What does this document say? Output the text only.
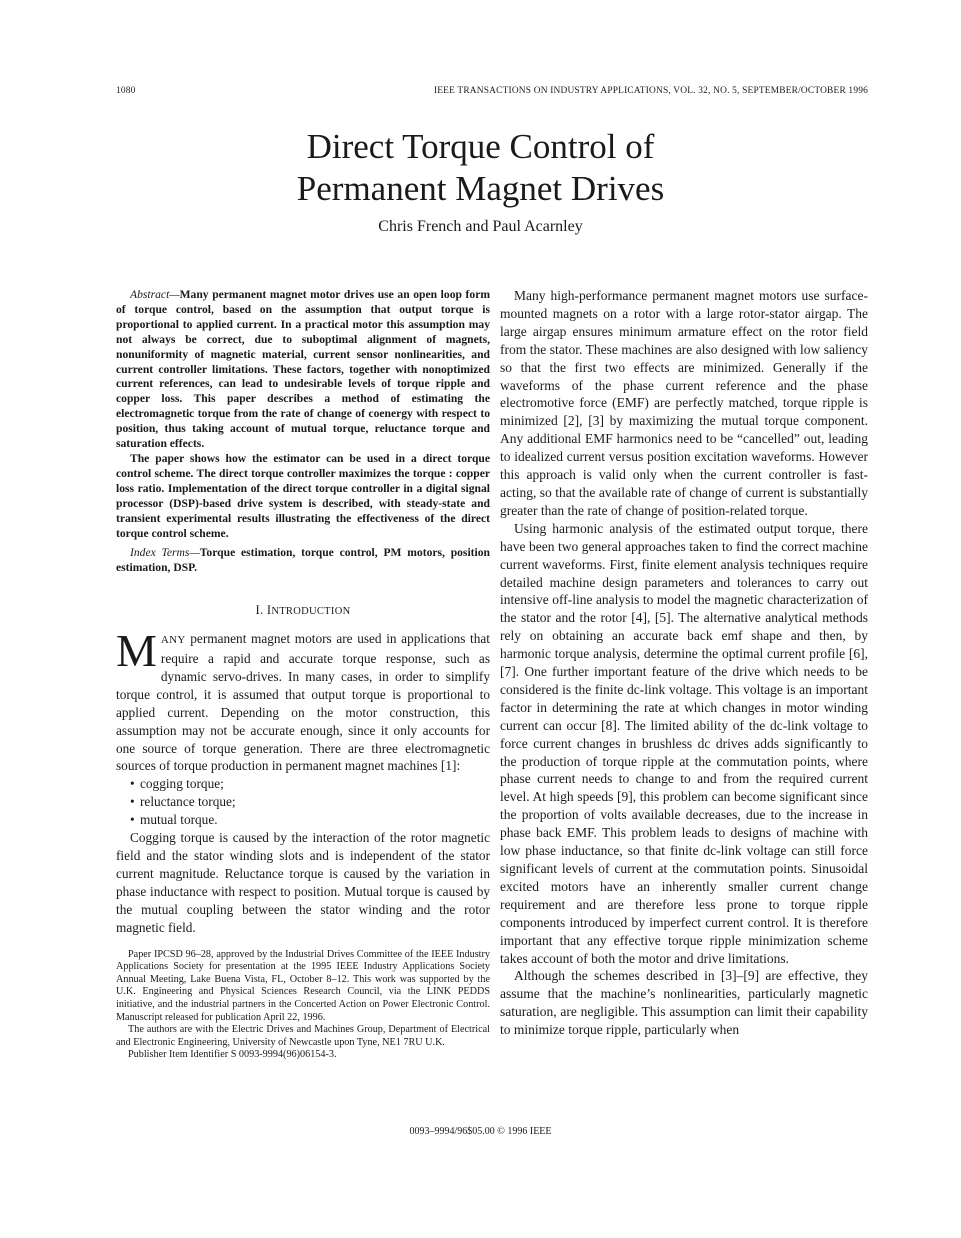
1080	IEEE TRANSACTIONS ON INDUSTRY APPLICATIONS, VOL. 32, NO. 5, SEPTEMBER/OCTOBER 1996
Direct Torque Control of
Permanent Magnet Drives
Chris French and Paul Acarnley

Abstract—Many permanent magnet motor drives use an open loop form of torque control, based on the assumption that output torque is proportional to applied current. In a practical motor this assumption may not always be correct, due to suboptimal alignment of magnets, nonuniformity of magnetic material, current sensor nonlinearities, and current controller limitations. These factors, together with nonoptimized current references, can lead to undesirable levels of torque ripple and copper loss. This paper describes a method of estimating the electromagnetic torque from the rate of change of coenergy with respect to position, thus taking account of mutual torque, reluctance torque and saturation effects.

The paper shows how the estimator can be used in a direct torque control scheme. The direct torque controller maximizes the torque : copper loss ratio. Implementation of the direct torque controller in a digital signal processor (DSP)-based drive system is described, with steady-state and transient experimental results illustrating the effectiveness of the direct torque control scheme.

Index Terms—Torque estimation, torque control, PM motors, position estimation, DSP.

I. INTRODUCTION
MANY permanent magnet motors are used in applications that require a rapid and accurate torque response, such as dynamic servo-drives. In many cases, in order to simplify torque control, it is assumed that output torque is proportional to applied current. Depending on the motor construction, this assumption may not be accurate enough, since it only accounts for one source of torque generation. There are three electromagnetic sources of torque production in permanent magnet machines [1]:
• cogging torque;
• reluctance torque;
• mutual torque.

Cogging torque is caused by the interaction of the rotor magnetic field and the stator winding slots and is independent of the stator current magnitude. Reluctance torque is caused by the variation in phase inductance with respect to position. Mutual torque is caused by the mutual coupling between the stator winding and the rotor magnetic field.

Paper IPCSD 96–28, approved by the Industrial Drives Committee of the IEEE Industry Applications Society for presentation at the 1995 IEEE Industry Applications Society Annual Meeting, Lake Buena Vista, FL, October 8–12. This work was supported by the U.K. Engineering and Physical Sciences Research Council, via the LINK PEDDS initiative, and the industrial partners in the Concerted Action on Power Electronic Control. Manuscript released for publication April 22, 1996.

The authors are with the Electric Drives and Machines Group, Department of Electrical and Electronic Engineering, University of Newcastle upon Tyne, NE1 7RU U.K.

Publisher Item Identifier S 0093-9994(96)06154-3.

Many high-performance permanent magnet motors use surface-mounted magnets on a rotor with a large rotor-stator airgap. The large airgap ensures minimum armature effect on the rotor field from the stator. These machines are also designed with low saliency so that the first two effects are minimized. Generally if the waveforms of the phase current reference and the phase electromotive force (EMF) are perfectly matched, torque ripple is minimized [2], [3] by maximizing the mutual torque component. Any additional EMF harmonics need to be “cancelled” out, leading to idealized current versus position excitation waveforms. However this approach is valid only when the current controller is fast-acting, so that the available rate of change of current is substantially greater than the rate of change of position-related torque.

Using harmonic analysis of the estimated output torque, there have been two general approaches taken to find the correct machine current waveforms. First, finite element analysis techniques require detailed machine design parameters and tolerances to carry out intensive off-line analysis to model the magnetic characterization of the stator and the rotor [4], [5]. The alternative analytical methods rely on obtaining an accurate back emf shape and then, by harmonic torque analysis, determine the optimal current profile [6], [7]. One further important feature of the drive which needs to be considered is the finite dc-link voltage. This voltage is an important factor in determining the rate at which changes in motor winding current can occur [8]. The limited ability of the dc-link voltage to force current changes in brushless dc drives adds significantly to the production of torque ripple at the commutation points, where phase current needs to change to and from the required current level. At high speeds [9], this problem can become significant since the proportion of volts available decreases, due to the increase in phase back EMF. This problem leads to designs of machine with low phase inductance, so that finite dc-link voltage can still force significant levels of current at the commutation points. Sinusoidal excited motors have an inherently smaller current change requirement and are therefore less prone to torque ripple components introduced by imperfect current control. It is therefore important that any effective torque ripple minimization scheme takes account of both the motor and drive limitations.

Although the schemes described in [3]–[9] are effective, they assume that the machine’s nonlinearities, particularly magnetic saturation, are negligible. This assumption can limit their capability to minimize torque ripple, particularly when

0093–9994/96$05.00 © 1996 IEEE
